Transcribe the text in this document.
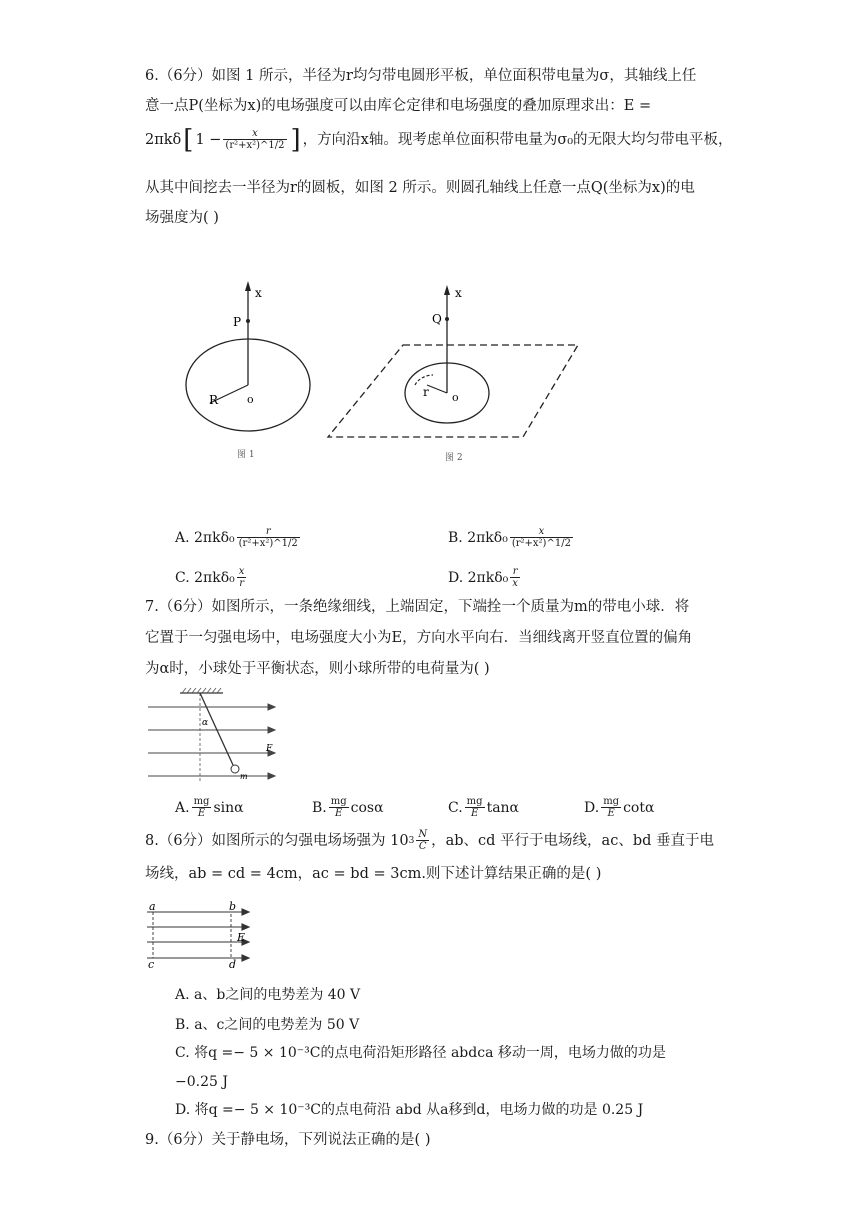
6.（6分）如图 1 所示，半径为r均匀带电圆形平板，单位面积带电量为σ，其轴线上任
意一点P(坐标为x)的电场强度可以由库仑定律和电场强度的叠加原理求出：E =
2πkδ [ $1 - \frac{x}{\text{(r²+x²)\textasciicircum{}1/2}}$ ] ，方向沿x轴。现考虑单位面积带电量为σ₀的无限大均匀带电平板，
从其中间挖去一半径为r的圆板，如图 2 所示。则圆孔轴线上任意一点Q(坐标为x)的电
场强度为( )
x
P
o
R
图 1
x
Q
o
r
图 2
A.
$2\pi k\delta_0 \frac{r}{\text{(r²+x²)\textasciicircum{}1/2}}$	B.
$2\pi k\delta_0 \frac{x}{\text{(r²+x²)\textasciicircum{}1/2}}$
C.
$2\pi k\delta_0 \frac{x}{r}$	D.
$2\pi k\delta_0 \frac{r}{x}$
7.（6分）如图所示，一条绝缘细线，上端固定，下端拴一个质量为m的带电小球．将
它置于一匀强电场中，电场强度大小为E，方向水平向右．当细线离开竖直位置的偏角
为α时，小球处于平衡状态，则小球所带的电荷量为( )
α
F
m
A. $\frac{mg}{E}$ sinα	B. $\frac{mg}{E}$ cosα	C. $\frac{mg}{E}$ tanα	D. $\frac{mg}{E}$ cotα
8.（6分）如图所示的匀强电场场强为 10 $3 \frac{N}{C}$ ，ab、cd 平行于电场线，ac、bd 垂直于电
场线，ab = cd = 4cm，ac = bd = 3cm.则下述计算结果正确的是( )
a	b
c	d
E
A. a、b之间的电势差为 40 V
B. a、c之间的电势差为 50 V
C. 将q =− 5 × 10⁻³C的点电荷沿矩形路径 abdca 移动一周，电场力做的功是
−0.25 J
D. 将q =− 5 × 10⁻³C的点电荷沿 abd 从a移到d，电场力做的功是 0.25 J
9.（6分）关于静电场，下列说法正确的是( )
